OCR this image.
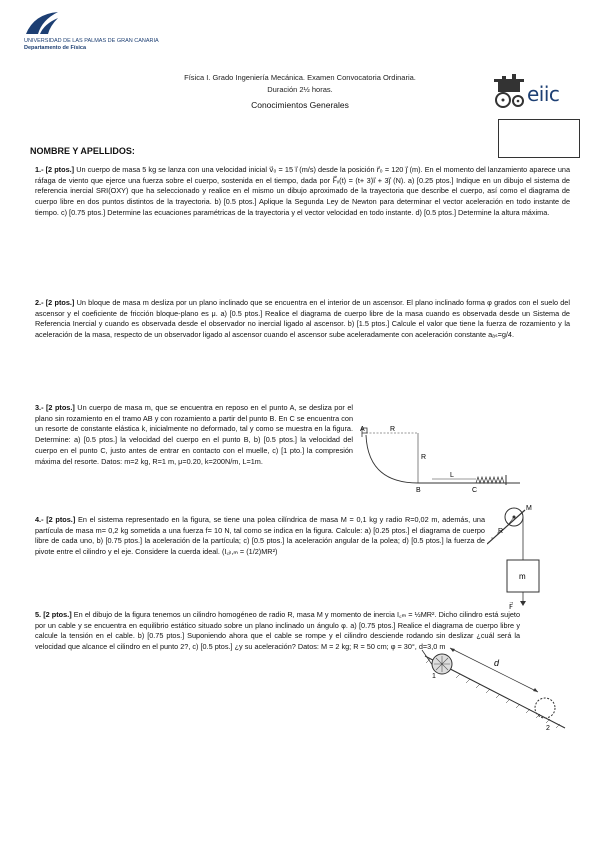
UNIVERSIDAD DE LAS PALMAS DE GRAN CANARIA
Departamento de Física
Física I. Grado Ingeniería Mecánica. Examen Convocatoria Ordinaria.
Duración 2½ horas.
Conocimientos Generales	eiic
NOMBRE Y APELLIDOS:
1.- [2 ptos.] Un cuerpo de masa 5 kg se lanza con una velocidad inicial v⃗₀ = 15 ı⃗ (m/s) desde la posición r⃗₀ = 120 ȷ⃗ (m). En el momento del lanzamiento aparece una ráfaga de viento que ejerce una fuerza sobre el cuerpo, sostenida en el tiempo, dada por F⃗ᵥ(t) = (t+ 3)ı⃗ + 3ȷ⃗ (N). a) [0.25 ptos.] Indique en un dibujo el sistema de referencia inercial SRI(OXY) que ha seleccionado y realice en el mismo un dibujo aproximado de la trayectoria que describe el cuerpo, así como el diagrama de cuerpo libre en dos puntos distintos de la trayectoria. b) [0.5 ptos.] Aplique la Segunda Ley de Newton para determinar el vector aceleración en todo instante de tiempo. c) [0.75 ptos.] Determine las ecuaciones paramétricas de la trayectoria y el vector velocidad en todo instante. d) [0.5 ptos.] Determine la altura máxima.
2.- [2 ptos.] Un bloque de masa m desliza por un plano inclinado que se encuentra en el interior de un ascensor. El plano inclinado forma φ grados con el suelo del ascensor y el coeficiente de fricción bloque-plano es μ. a) [0.5 ptos.] Realice el diagrama de cuerpo libre de la masa cuando es observada desde un Sistema de Referencia Inercial y cuando es observada desde el observador no inercial ligado al ascensor. b) [1.5 ptos.] Calcule el valor que tiene la fuerza de rozamiento y la aceleración de la masa, respecto de un observador ligado al ascensor cuando el ascensor sube aceleradamente con aceleración constante aₐₛ=g/4.
3.- [2 ptos.] Un cuerpo de masa m, que se encuentra en reposo en el punto A, se desliza por el plano sin rozamiento en el tramo AB y con rozamiento a partir del punto B. En C se encuentra con un resorte de constante elástica k, inicialmente no deformado, tal y como se muestra en la figura. Determine: a) [0.5 ptos.] la velocidad del cuerpo en el punto B, b) [0.5 ptos.] la velocidad del cuerpo en el punto C, justo antes de entrar en contacto con el muelle, c) [1 pto.] la compresión máxima del resorte. Datos: m=2 kg, R=1 m, μ=0.20, k=200N/m, L=1m.
A	R
R
B
L
C
4.- [2 ptos.] En el sistema representado en la figura, se tiene una polea cilíndrica de masa M = 0,1 kg y radio R=0,02 m, además, una partícula de masa m= 0,2 kg sometida a una fuerza f= 10 N, tal como se indica en la figura. Calcule: a) [0.25 ptos.] el diagrama de cuerpo libre de cada uno, b) [0.75 ptos.] la aceleración de la partícula; c) [0.5 ptos.] la aceleración angular de la polea; d) [0.5 ptos.] la fuerza de pivote entre el cilindro y el eje. Considere la cuerda ideal. (I꜀ᵢₗ,ₘ = (1/2)MR²)
M
R
m
F⃗
5. [2 ptos.] En el dibujo de la figura tenemos un cilindro homogéneo de radio R, masa M y momento de inercia I꜀ₘ = ½MR². Dicho cilindro está sujeto por un cable y se encuentra en equilibrio estático situado sobre un plano inclinado un ángulo φ. a) [0.75 ptos.] Realice el diagrama de cuerpo libre y calcule la tensión en el cable. b) [0.75 ptos.] Suponiendo ahora que el cable se rompe y el cilindro desciende rodando sin deslizar ¿cuál será la velocidad que alcance el cilindro en el punto 2?, c) [0.5 ptos.] ¿y su aceleración? Datos: M = 2 kg; R = 50 cm; φ = 30°, d=3,0 m
d
1
2
